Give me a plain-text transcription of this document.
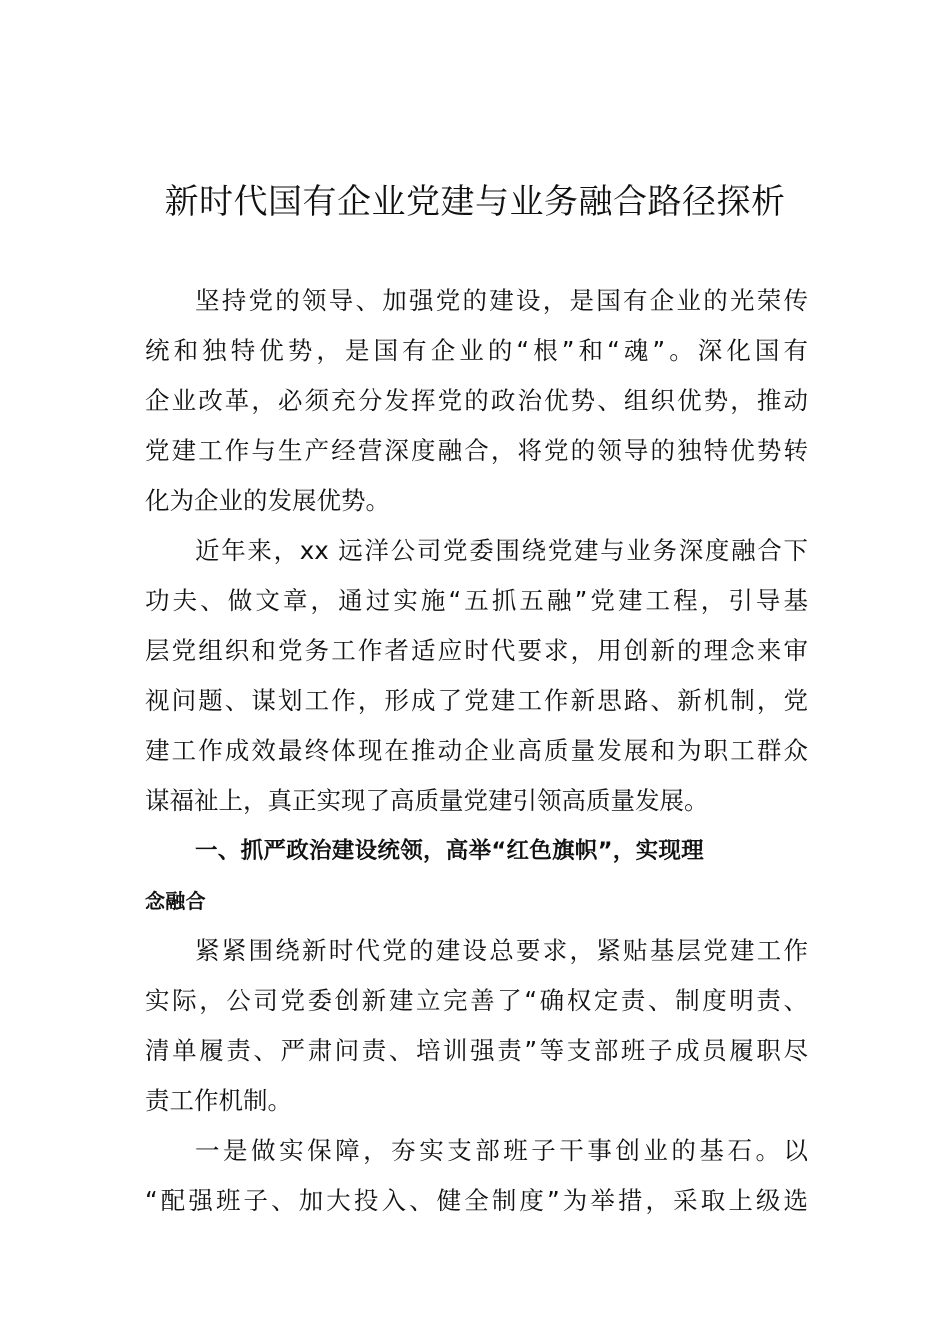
新时代国有企业党建与业务融合路径探析
坚持党的领导、加强党的建设，是国有企业的光荣传
统和独特优势，是国有企业的“根”和“魂”。深化国有
企业改革，必须充分发挥党的政治优势、组织优势，推动
党建工作与生产经营深度融合，将党的领导的独特优势转
化为企业的发展优势。
近年来，xx 远洋公司党委围绕党建与业务深度融合下
功夫、做文章，通过实施“五抓五融”党建工程，引导基
层党组织和党务工作者适应时代要求，用创新的理念来审
视问题、谋划工作，形成了党建工作新思路、新机制，党
建工作成效最终体现在推动企业高质量发展和为职工群众
谋福祉上，真正实现了高质量党建引领高质量发展。
一、抓严政治建设统领，高举“红色旗帜”，实现理
念融合
紧紧围绕新时代党的建设总要求，紧贴基层党建工作
实际，公司党委创新建立完善了“确权定责、制度明责、
清单履责、严肃问责、培训强责”等支部班子成员履职尽
责工作机制。
一是做实保障，夯实支部班子干事创业的基石。以
“配强班子、加大投入、健全制度”为举措，采取上级选
